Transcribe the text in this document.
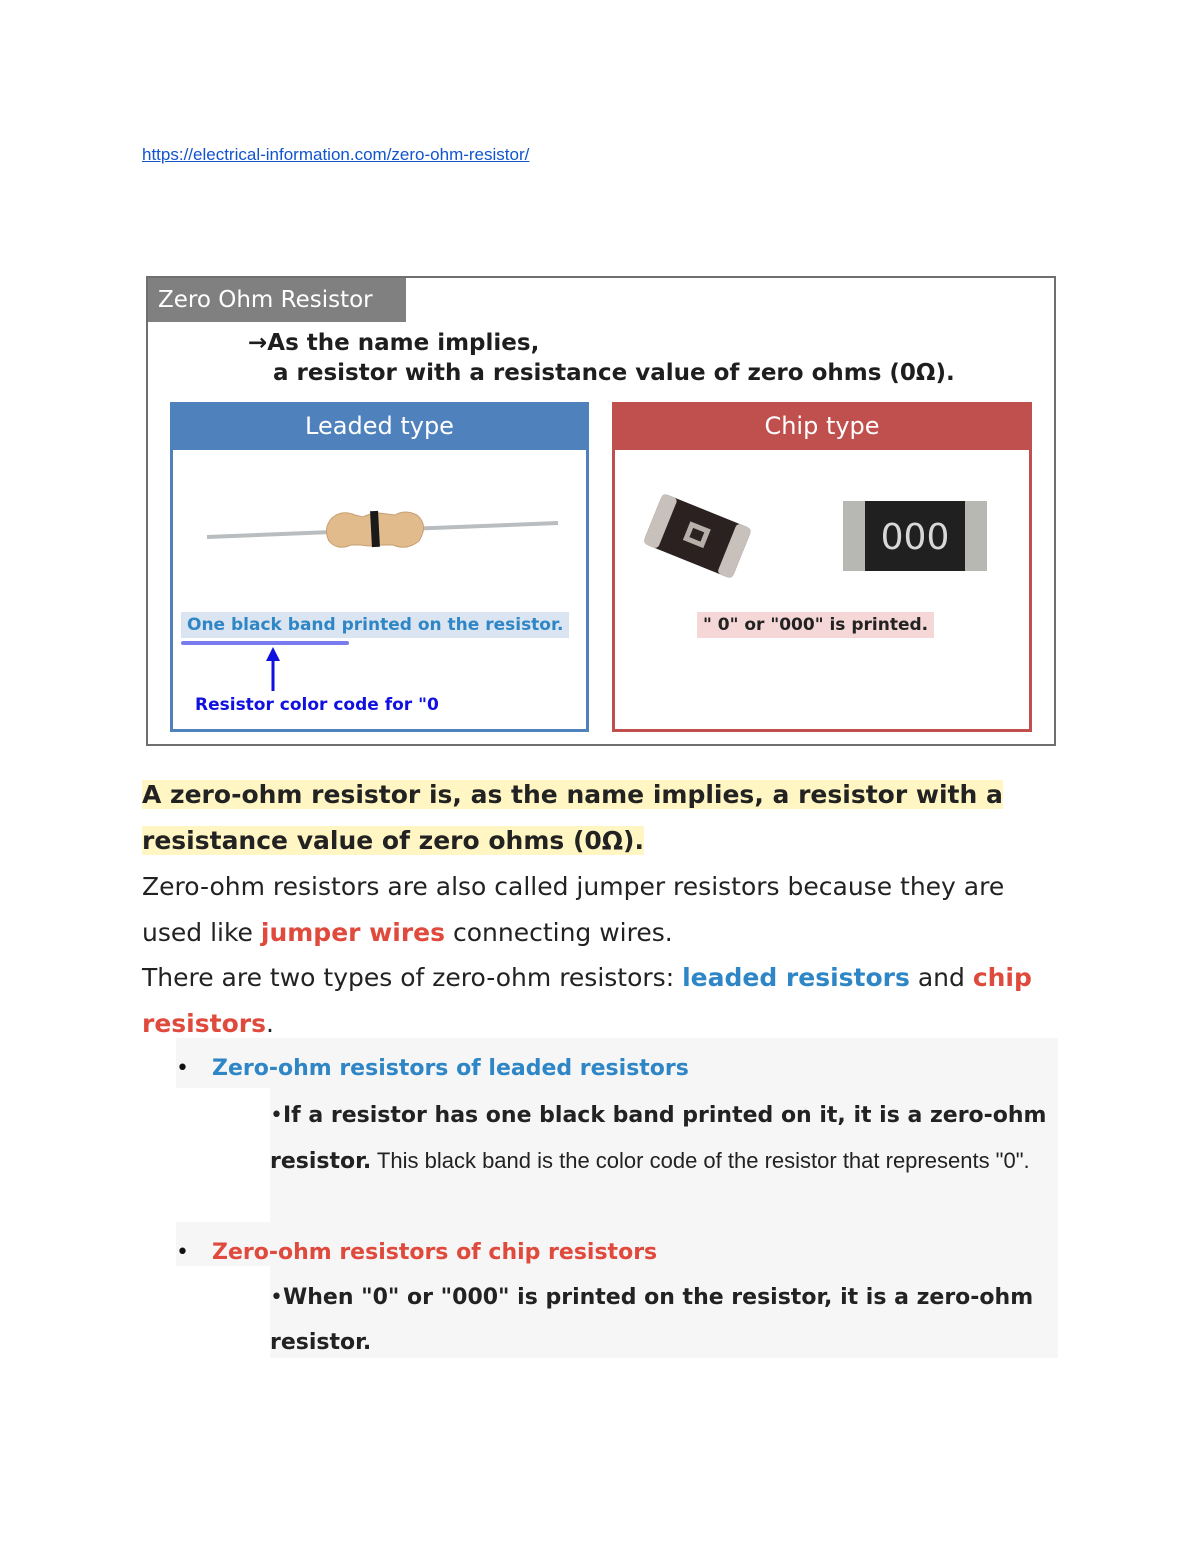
https://electrical-information.com/zero-ohm-resistor/
Zero Ohm Resistor
→As the name implies,
a resistor with a resistance value of zero ohms (0Ω).
Leaded type
One black band printed on the resistor.
Resistor color code for "0
Chip type
000
" 0" or "000" is printed.
A zero-ohm resistor is, as the name implies, a resistor with a resistance value of zero ohms (0Ω).
Zero-ohm resistors are also called jumper resistors because they are used like jumper wires connecting wires.
There are two types of zero-ohm resistors: leaded resistors and chip resistors.
• Zero-ohm resistors of leaded resistors
•If a resistor has one black band printed on it, it is a zero-ohm resistor. This black band is the color code of the resistor that represents "0".
• Zero-ohm resistors of chip resistors
•When "0" or "000" is printed on the resistor, it is a zero-ohm resistor.
